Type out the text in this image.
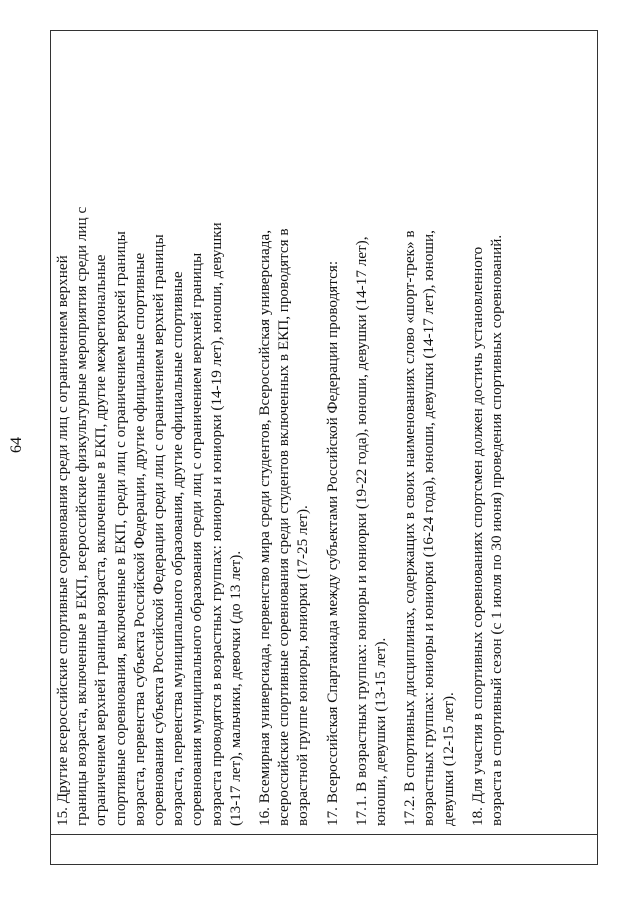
64 15. Другие всероссийские спортивные соревнования среди лиц с ограничением верхней границы возраста, включенные в ЕКП, всероссийские физкультурные мероприятия среди лиц с ограничением верхней границы возраста, включенные в ЕКП, другие межрегиональные спортивные соревнования, включенные в ЕКП, среди лиц с ограничением верхней границы возраста, первенства субъекта Российской Федерации, другие официальные спортивные соревнования субъекта Российской Федерации среди лиц с ограничением верхней границы возраста, первенства муниципального образования, другие официальные спортивные соревнования муниципального образования среди лиц с ограничением верхней границы возраста проводятся в возрастных группах: юниоры и юниорки (14-19 лет), юноши, девушки (13-17 лет), мальчики, девочки (до 13 лет). 16. Всемирная универсиада, первенство мира среди студентов, Всероссийская универсиада, всероссийские спортивные соревнования среди студентов включенных в ЕКП, проводятся в возрастной группе юниоры, юниорки (17-25 лет). 17. Всероссийская Спартакиада между субъектами Российской Федерации проводятся: 17.1. В возрастных группах: юниоры и юниорки (19-22 года), юноши, девушки (14-17 лет), юноши, девушки (13-15 лет). 17.2. В спортивных дисциплинах, содержащих в своих наименованиях слово «шорт-трек» в возрастных группах: юниоры и юниорки (16-24 года), юноши, девушки (14-17 лет), юноши, девушки (12-15 лет). 18. Для участия в спортивных соревнованиях спортсмен должен достичь установленного возраста в спортивный сезон (с 1 июля по 30 июня) проведения спортивных соревнований.
